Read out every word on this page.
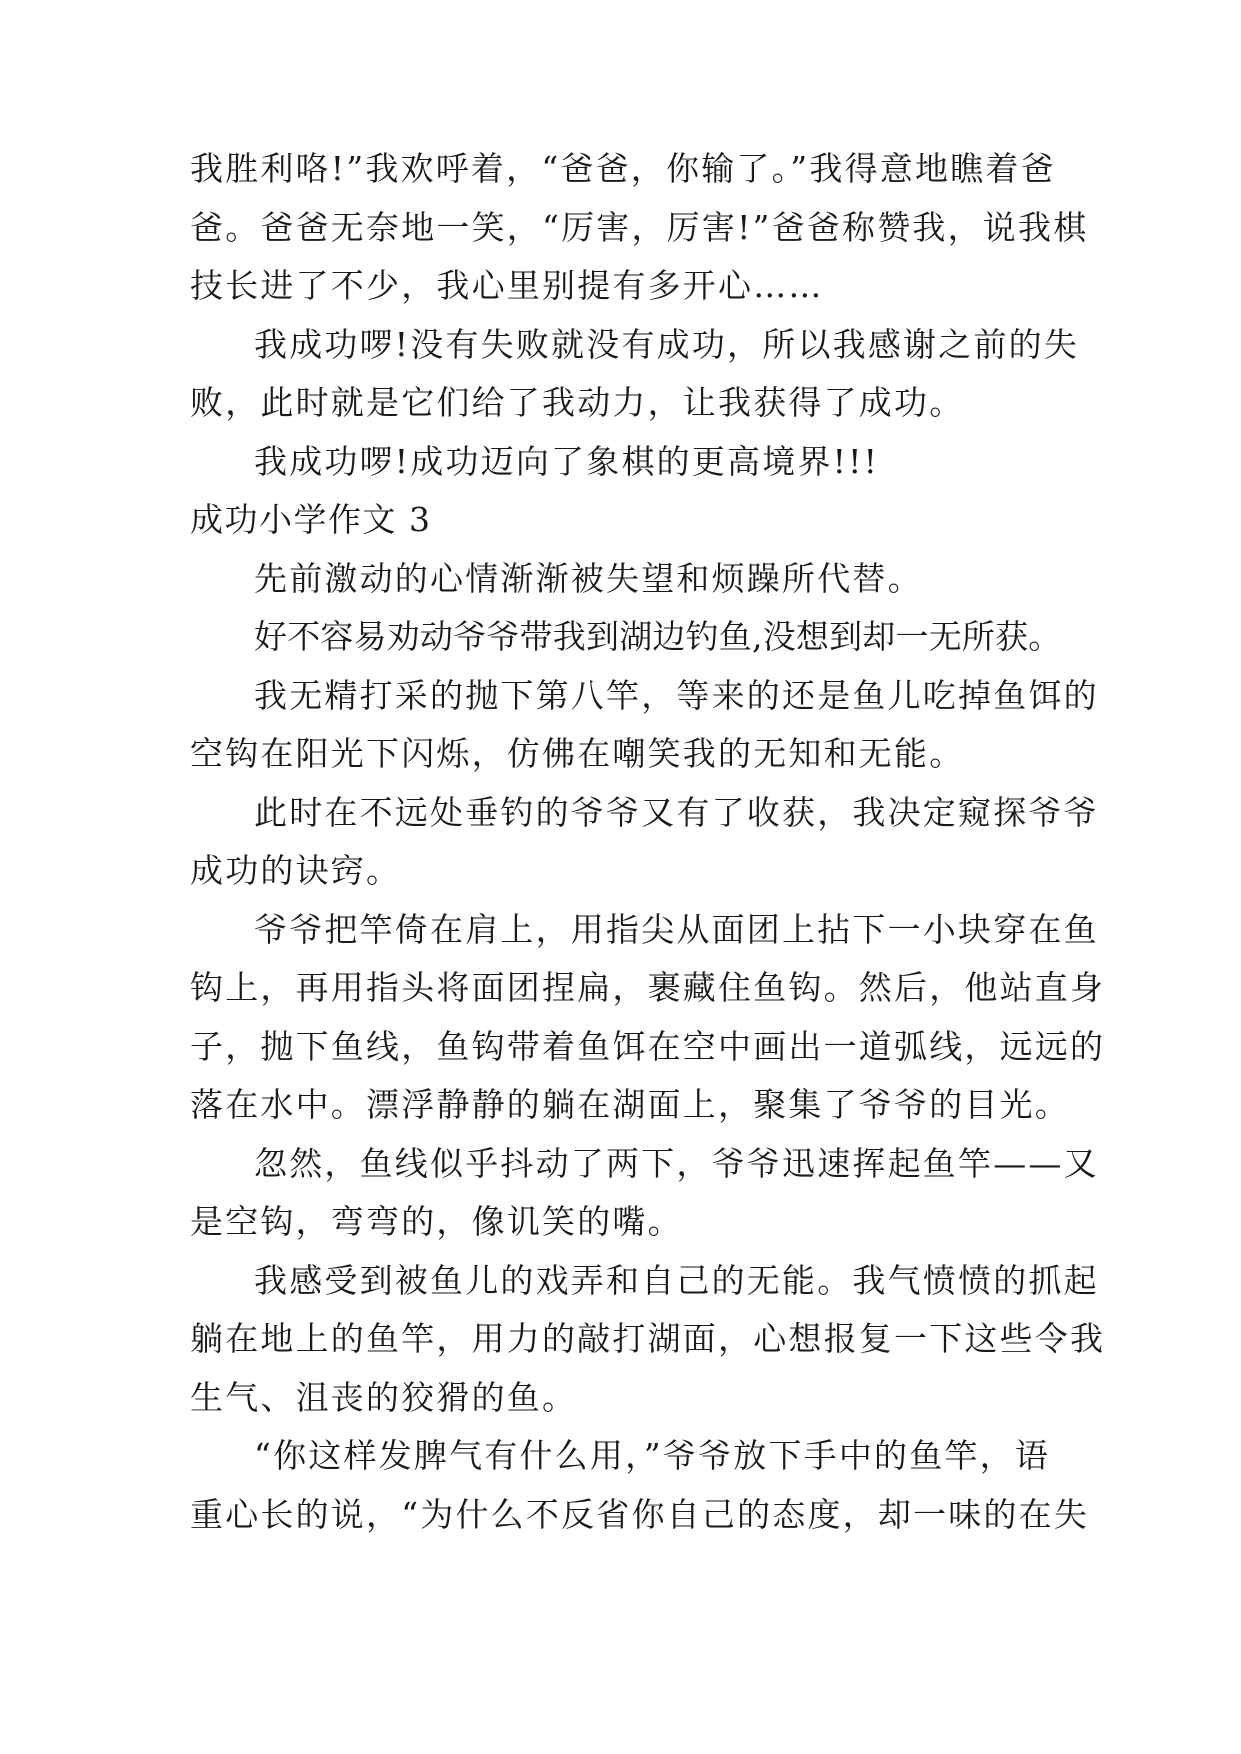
我胜利咯!”我欢呼着，“爸爸，你输了。”我得意地瞧着爸
爸。爸爸无奈地一笑，“厉害，厉害!”爸爸称赞我，说我棋
技长进了不少，我心里别提有多开心……
我成功啰!没有失败就没有成功，所以我感谢之前的失
败，此时就是它们给了我动力，让我获得了成功。
我成功啰!成功迈向了象棋的更高境界!!!
成功小学作文 3
先前激动的心情渐渐被失望和烦躁所代替。
好不容易劝动爷爷带我到湖边钓鱼,没想到却一无所获。
我无精打采的抛下第八竿，等来的还是鱼儿吃掉鱼饵的
空钩在阳光下闪烁，仿佛在嘲笑我的无知和无能。
此时在不远处垂钓的爷爷又有了收获，我决定窥探爷爷
成功的诀窍。
爷爷把竿倚在肩上，用指尖从面团上拈下一小块穿在鱼
钩上，再用指头将面团捏扁，裹藏住鱼钩。然后，他站直身
子，抛下鱼线，鱼钩带着鱼饵在空中画出一道弧线，远远的
落在水中。漂浮静静的躺在湖面上，聚集了爷爷的目光。
忽然，鱼线似乎抖动了两下，爷爷迅速挥起鱼竿——又
是空钩，弯弯的，像讥笑的嘴。
我感受到被鱼儿的戏弄和自己的无能。我气愤愤的抓起
躺在地上的鱼竿，用力的敲打湖面，心想报复一下这些令我
生气、沮丧的狡猾的鱼。
“你这样发脾气有什么用，”爷爷放下手中的鱼竿，语
重心长的说，“为什么不反省你自己的态度，却一味的在失
